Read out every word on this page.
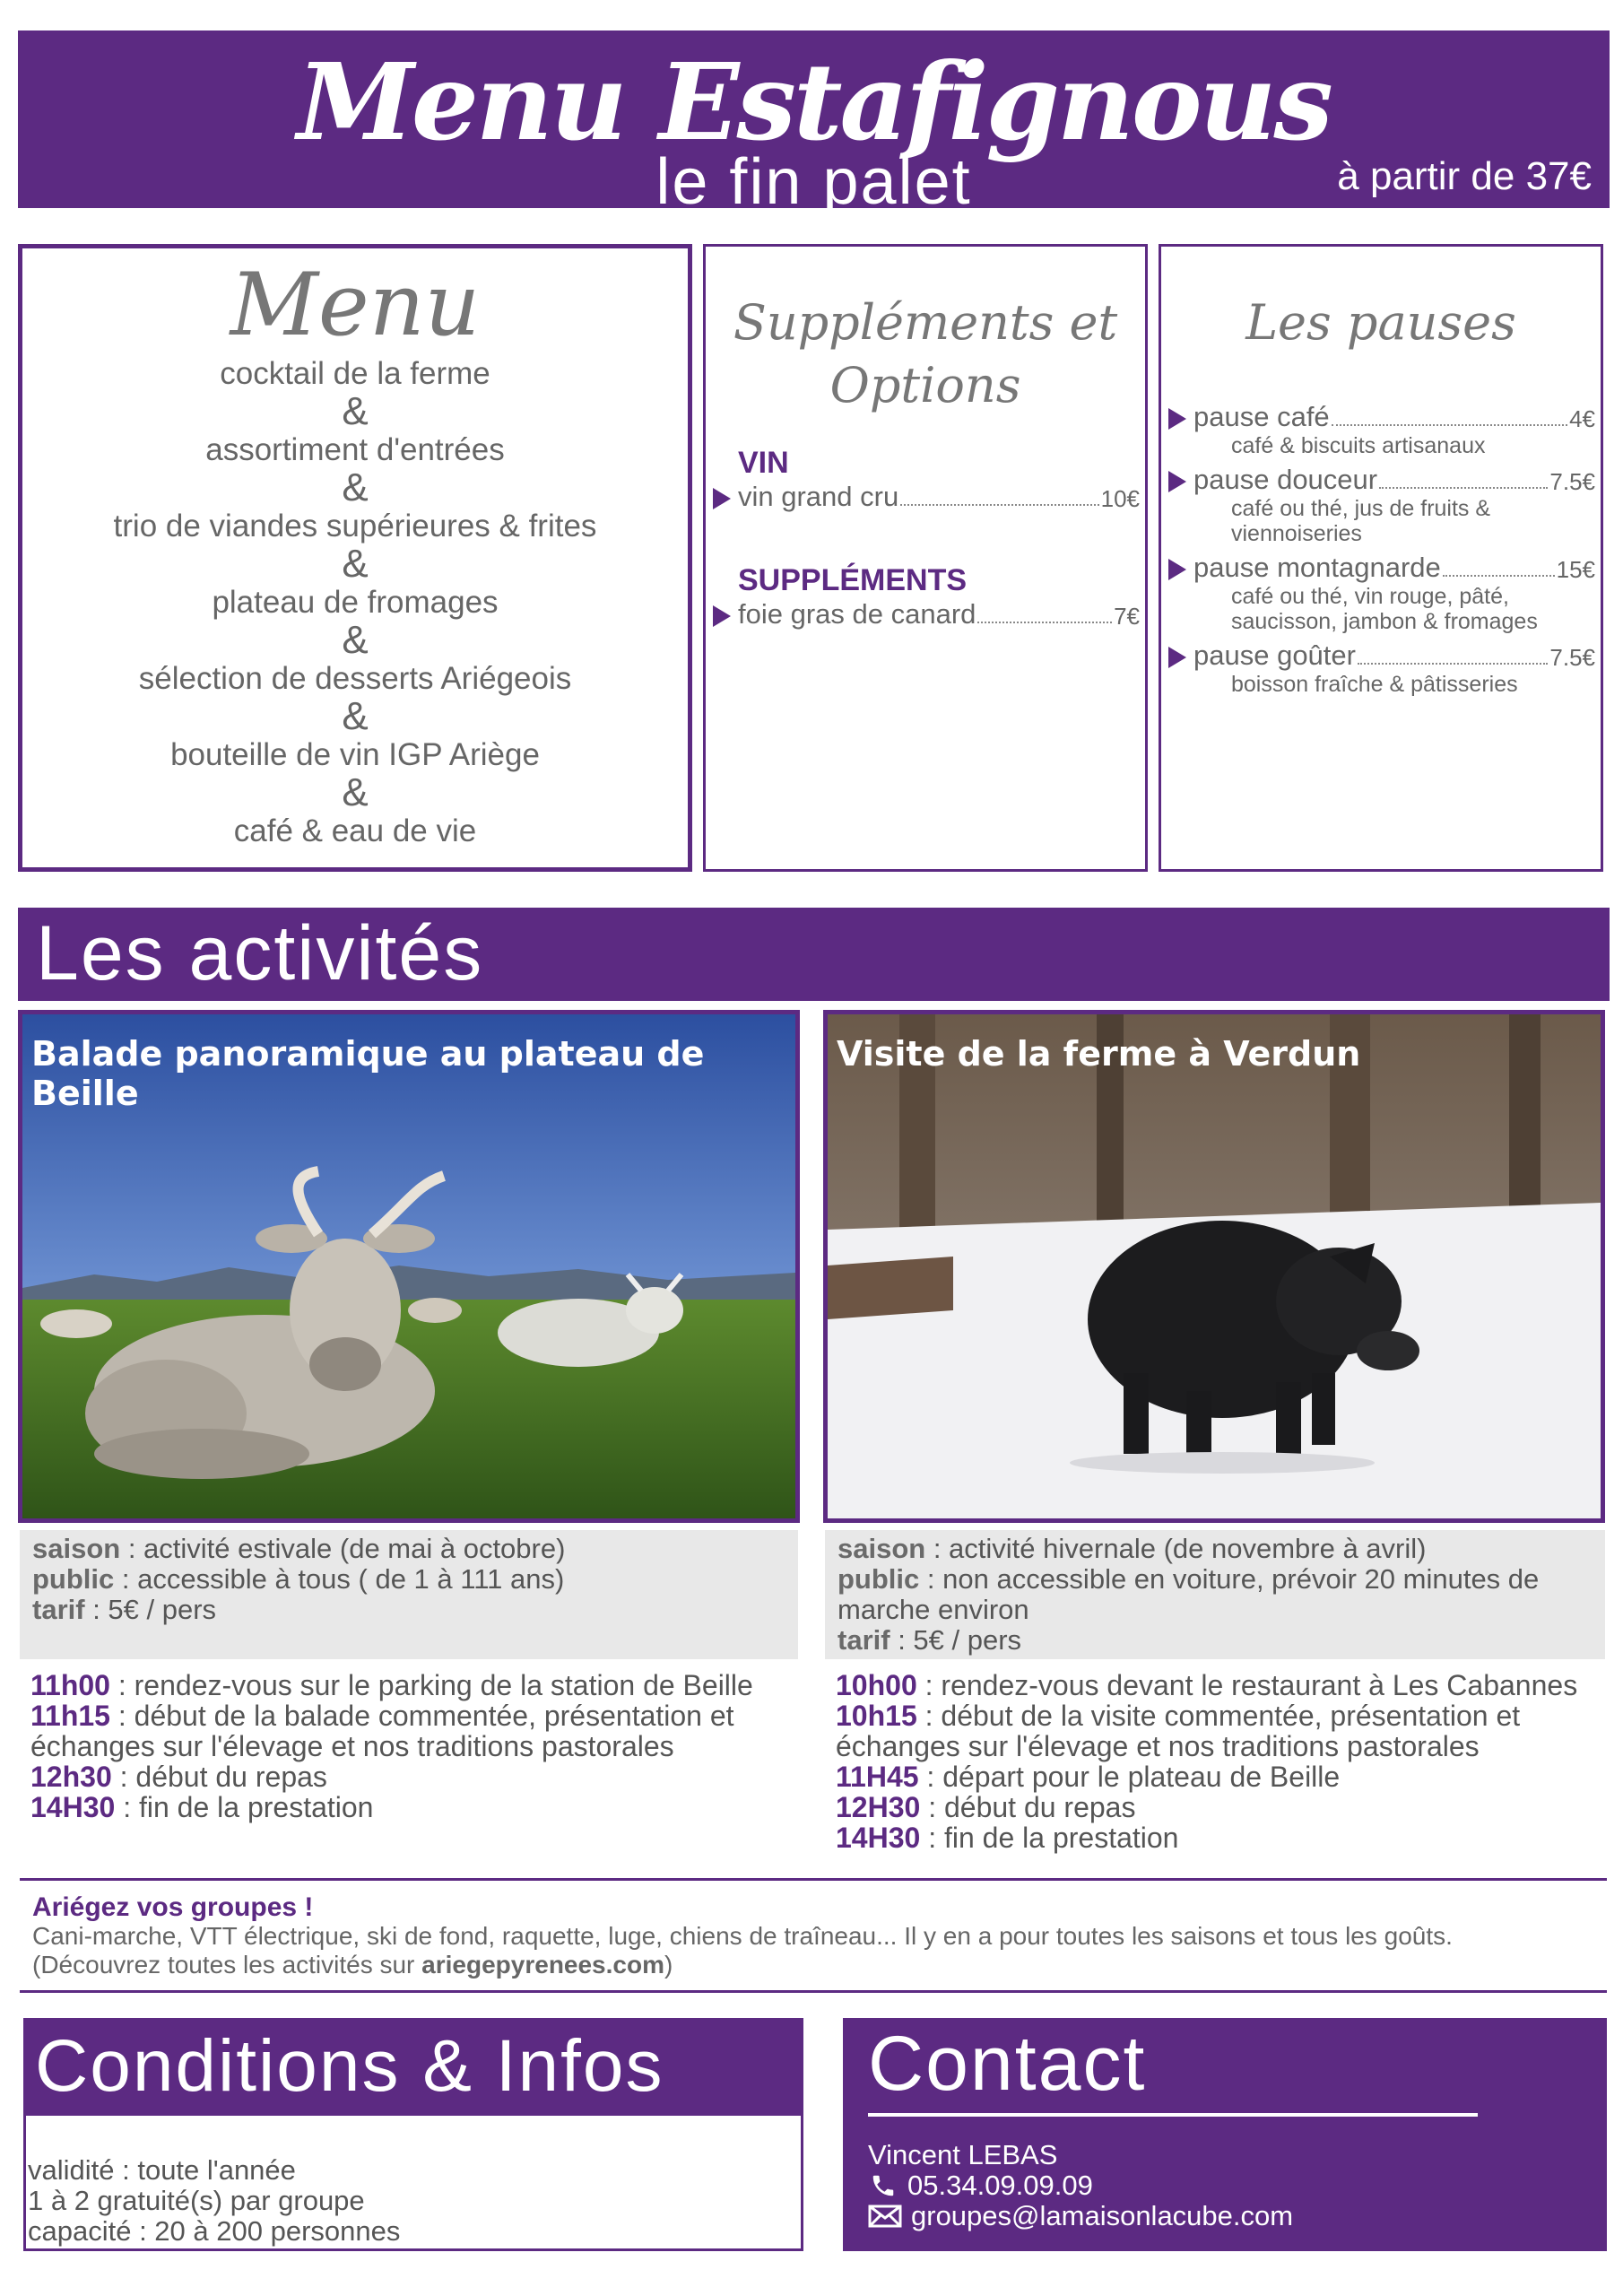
Menu Estafignous
le fin palet	à partir de 37€
Menu
cocktail de la ferme
&
assortiment d'entrées
&
trio de viandes supérieures & frites
&
plateau de fromages
&
sélection de desserts Ariégeois
&
bouteille de vin IGP Ariège
&
café & eau de vie
Suppléments et Options
VIN
vin grand cru	10€
SUPPLÉMENTS
foie gras de canard	7€
Les pauses
pause café	4€
café & biscuits artisanaux
pause douceur	7.5€
café ou thé, jus de fruits &
viennoiseries
pause montagnarde	15€
café ou thé, vin rouge, pâté,
saucisson, jambon & fromages
pause goûter	7.5€
boisson fraîche & pâtisseries
Les activités
Balade panoramique au plateau de Beille
Visite de la ferme à Verdun
saison : activité estivale (de mai à octobre)
public : accessible à tous ( de 1 à 111 ans)
tarif : 5€ / pers
saison : activité hivernale (de novembre à avril)
public : non accessible en voiture, prévoir 20 minutes de marche environ
tarif : 5€ / pers
11h00 : rendez-vous sur le parking de la station de Beille
11h15 : début de la balade commentée, présentation et échanges sur l'élevage et nos traditions pastorales
12h30 : début du repas
14H30 : fin de la prestation
10h00 : rendez-vous devant le restaurant à Les Cabannes
10h15 : début de la visite commentée, présentation et échanges sur l'élevage et nos traditions pastorales
11H45 : départ pour le plateau de Beille
12H30 : début du repas
14H30 : fin de la prestation
Ariégez vos groupes !
Cani-marche, VTT électrique, ski de fond, raquette, luge, chiens de traîneau... Il y en a pour toutes les saisons et tous les goûts.
(Découvrez toutes les activités sur ariegepyrenees.com)
Conditions & Infos
validité : toute l'année
1 à 2 gratuité(s) par groupe
capacité : 20 à 200 personnes
Contact
Vincent LEBAS
05.34.09.09.09
groupes@lamaisonlacube.com
